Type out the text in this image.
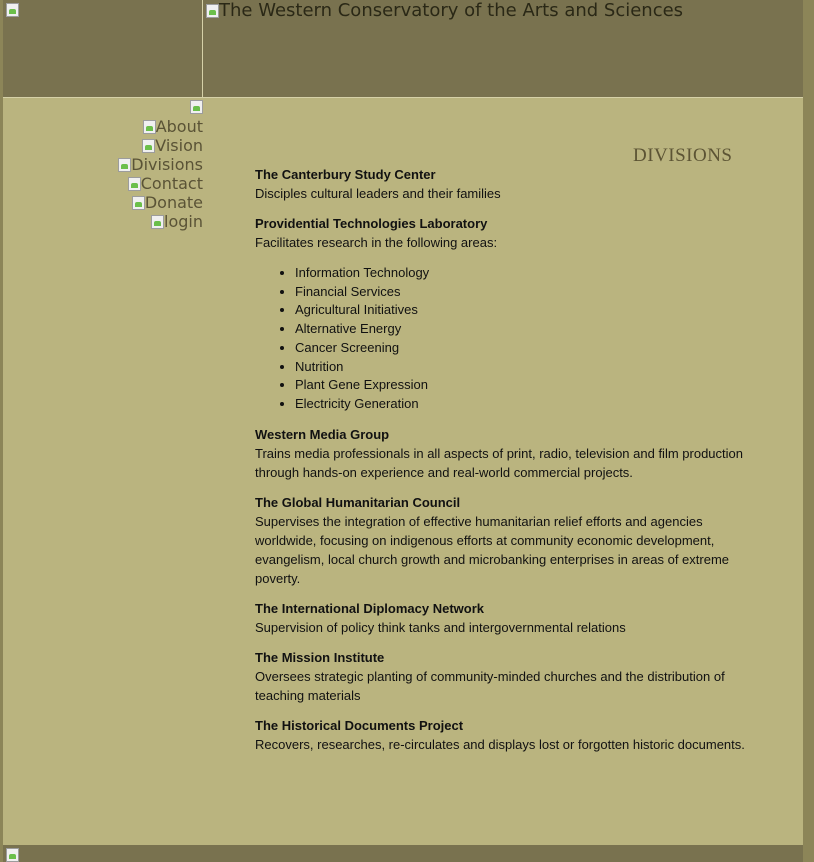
The Western Conservatory of the Arts and Sciences
About
Vision
Divisions
Contact
Donate
login
DIVISIONS
The Canterbury Study Center
Disciples cultural leaders and their families
Providential Technologies Laboratory
Facilitates research in the following areas:
• Information Technology
• Financial Services
• Agricultural Initiatives
• Alternative Energy
• Cancer Screening
• Nutrition
• Plant Gene Expression
• Electricity Generation
Western Media Group
Trains media professionals in all aspects of print, radio, television and film production through hands-on experience and real-world commercial projects.
The Global Humanitarian Council
Supervises the integration of effective humanitarian relief efforts and agencies worldwide, focusing on indigenous efforts at community economic development, evangelism, local church growth and microbanking enterprises in areas of extreme poverty.
The International Diplomacy Network
Supervision of policy think tanks and intergovernmental relations
The Mission Institute
Oversees strategic planting of community-minded churches and the distribution of teaching materials
The Historical Documents Project
Recovers, researches, re-circulates and displays lost or forgotten historic documents.
